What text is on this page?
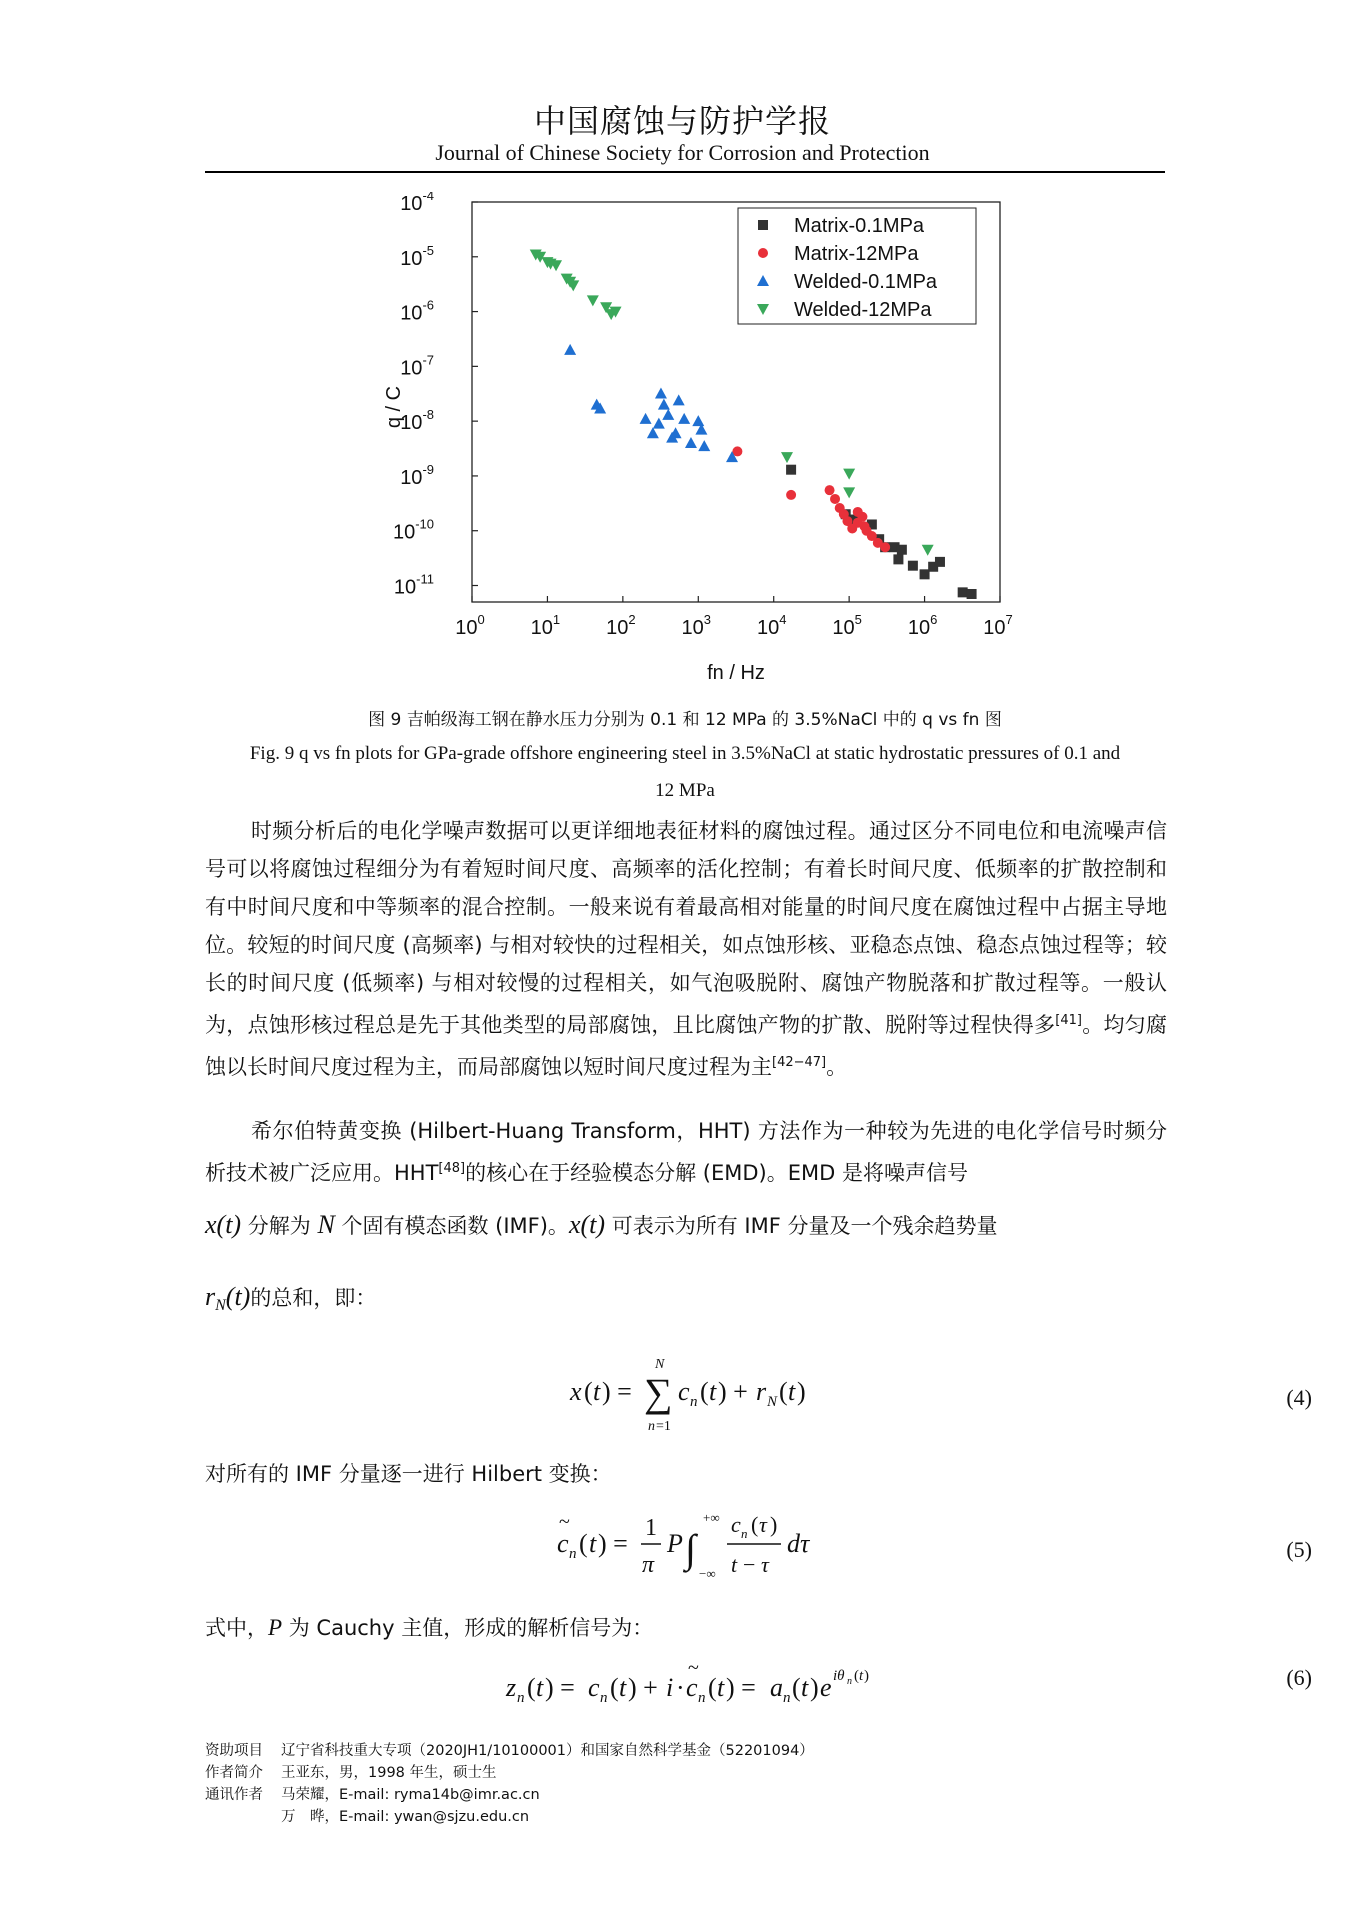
中国腐蚀与防护学报
Journal of Chinese Society for Corrosion and Protection
$10^0$ $10^1$ $10^2$ $10^3$ $10^4$ $10^5$ $10^6$ $10^7$
$10^{-11}$
$10^{-10}$
$10^{-9}$
$10^{-8}$
$10^{-7}$
$10^{-6}$
$10^{-5}$
$10^{-4}$
fn / Hz
q / C
Matrix-0.1MPa
Matrix-12MPa
Welded-0.1MPa
Welded-12MPa
图 9 吉帕级海工钢在静水压力分别为 0.1 和 12 MPa 的 3.5%NaCl 中的 q vs fn 图
Fig. 9 q vs fn plots for GPa-grade offshore engineering steel in 3.5%NaCl at static hydrostatic pressures of 0.1 and
12 MPa
时频分析后的电化学噪声数据可以更详细地表征材料的腐蚀过程。通过区分不同电位和电流噪声信号可以将腐蚀过程细分为有着短时间尺度、高频率的活化控制；有着长时间尺度、低频率的扩散控制和有中时间尺度和中等频率的混合控制。一般来说有着最高相对能量的时间尺度在腐蚀过程中占据主导地位。较短的时间尺度 (高频率) 与相对较快的过程相关，如点蚀形核、亚稳态点蚀、稳态点蚀过程等；较长的时间尺度 (低频率) 与相对较慢的过程相关，如气泡吸脱附、腐蚀产物脱落和扩散过程等。一般认为，点蚀形核过程总是先于其他类型的局部腐蚀，且比腐蚀产物的扩散、脱附等过程快得多[41]。均匀腐蚀以长时间尺度过程为主，而局部腐蚀以短时间尺度过程为主[42−47]。
希尔伯特黄变换 (Hilbert-Huang Transform，HHT) 方法作为一种较为先进的电化学信号时频分析技术被广泛应用。HHT[48]的核心在于经验模态分解 (EMD)。EMD 是将噪声信号
x(t) 分解为 N 个固有模态函数 (IMF)。x(t) 可表示为所有 IMF 分量及一个残余趋势量
$r_N(t)$的总和，即：
x ( t ) = ∑
N
n =1
c n ( t ) + r N ( t )	(4)
对所有的 IMF 分量逐一进行 Hilbert 变换：
~
c n ( t ) =
1
π
P ∫
+∞
−∞
c n ( τ )
t − τ
dτ	(5)
式中，P 为 Cauchy 主值，形成的解析信号为：
z n ( t ) = c n ( t ) + i ·
~
c n ( t ) = a n ( t ) e iθ n ( t )	(6)
资助项目 辽宁省科技重大专项（2020JH1/10100001）和国家自然科学基金（52201094）
作者简介 王亚东，男，1998 年生，硕士生
通讯作者 马荣耀，E-mail: ryma14b@imr.ac.cn
万　晔，E-mail: ywan@sjzu.edu.cn
